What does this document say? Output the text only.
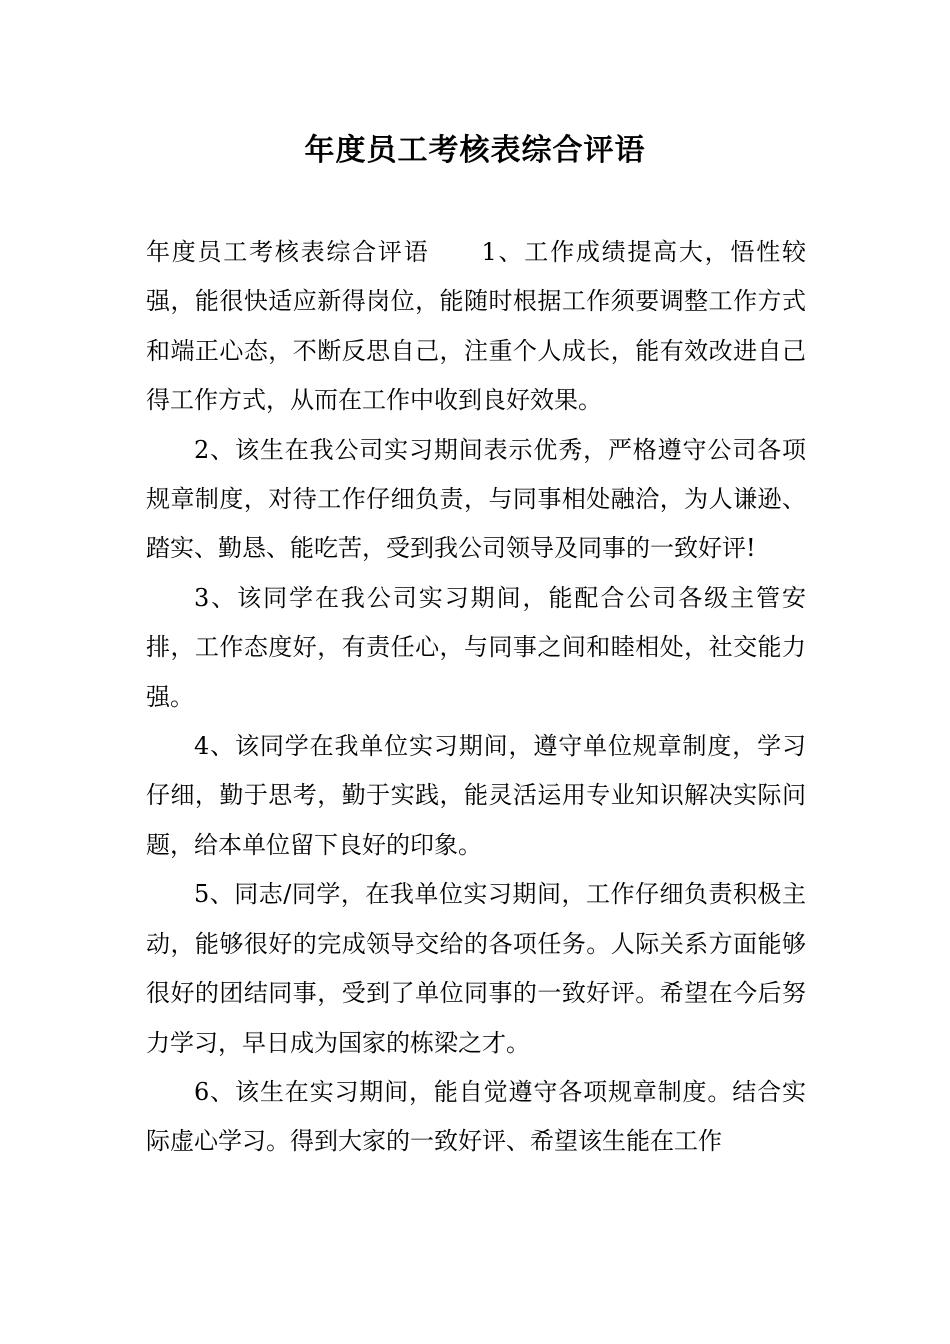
年度员工考核表综合评语

年度员工考核表综合评语 1、工作成绩提高大，悟性较强，能很快适应新得岗位，能随时根据工作须要调整工作方式和端正心态，不断反思自己，注重个人成长，能有效改进自己得工作方式，从而在工作中收到良好效果。

2、该生在我公司实习期间表示优秀，严格遵守公司各项规章制度，对待工作仔细负责，与同事相处融洽，为人谦逊、踏实、勤恳、能吃苦，受到我公司领导及同事的一致好评!

3、该同学在我公司实习期间，能配合公司各级主管安排，工作态度好，有责任心，与同事之间和睦相处，社交能力强。

4、该同学在我单位实习期间，遵守单位规章制度，学习仔细，勤于思考，勤于实践，能灵活运用专业知识解决实际问题，给本单位留下良好的印象。

5、同志/同学，在我单位实习期间，工作仔细负责积极主动，能够很好的完成领导交给的各项任务。人际关系方面能够很好的团结同事，受到了单位同事的一致好评。希望在今后努力学习，早日成为国家的栋梁之才。

6、该生在实习期间，能自觉遵守各项规章制度。结合实际虚心学习。得到大家的一致好评、希望该生能在工作
